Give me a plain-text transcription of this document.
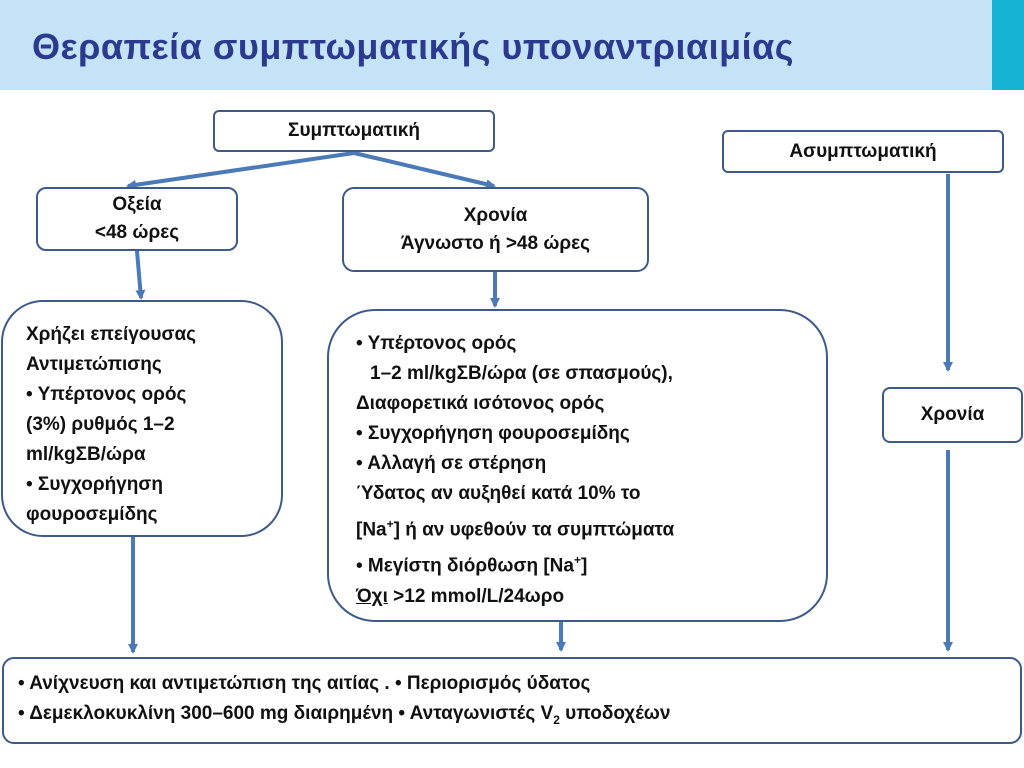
Θεραπεία συμπτωματικής υποναντριαιμίας
Συμπτωματική
Ασυμπτωματική
Οξεία
<48 ώρες
Χρονία
Άγνωστο ή >48 ώρες
Χρονία
Χρήζει επείγουσας
Αντιμετώπισης
• Υπέρτονος ορός
(3%) ρυθμός 1–2
ml/kgΣΒ/ώρα
• Συγχορήγηση
φουροσεμίδης
• Υπέρτονος ορός
1–2 ml/kgΣΒ/ώρα (σε σπασμούς),
Διαφορετικά ισότονος ορός
• Συγχορήγηση φουροσεμίδης
• Αλλαγή σε στέρηση
Ύδατος αν αυξηθεί κατά 10% το
[Na+] ή αν υφεθούν τα συμπτώματα
• Μεγίστη διόρθωση [Na+]
Όχι >12 mmol/L/24ωρο
• Ανίχνευση και αντιμετώπιση της αιτίας . • Περιορισμός ύδατος
• Δεμεκλοκυκλίνη 300–600 mg διαιρημένη • Ανταγωνιστές $V_2$ υποδοχέων
